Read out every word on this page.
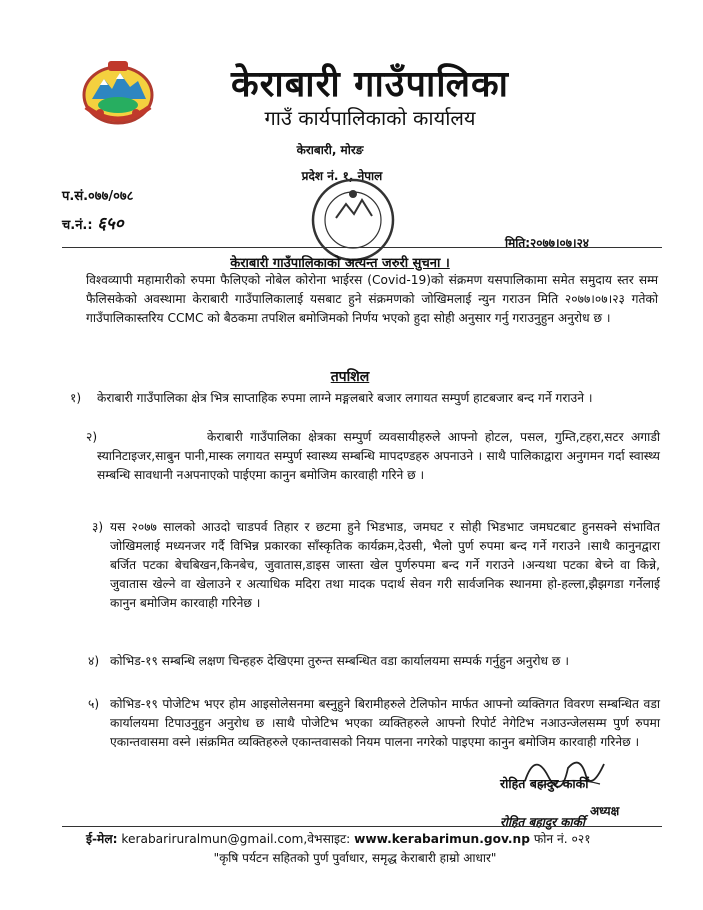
केराबारी गाउँपालिका
गाउँ कार्यपालिकाको कार्यालय
केराबारी, मोरङ
प्रदेश नं. १, नेपाल
प.सं.०७७/०७८
च.नं.: ६५०
मिति:२०७७।०७।२४
केराबारी गाउँपालिकाको अत्यन्त जरुरी सुचना ।
विश्वव्यापी महामारीको रुपमा फैलिएको नोबेल कोरोना भाईरस (Covid-19)को संक्रमण यसपालिकामा समेत समुदाय स्तर सम्म फैलिसकेको अवस्थामा केराबारी गाउँपालिकालाई यसबाट हुने संक्रमणको जोखिमलाई न्युन गराउन मिति २०७७।०७।२३ गतेको गाउँपालिकास्तरिय CCMC को बैठकमा तपशिल बमोजिमको निर्णय भएको हुदा सोही अनुसार गर्नु गराउनुहुन अनुरोध छ ।
तपशिल
१) केराबारी गाउँपालिका क्षेत्र भित्र साप्ताहिक रुपमा लाग्ने मङ्गलबारे बजार लगायत सम्पुर्ण हाटबजार बन्द गर्ने गराउने ।
२)	केराबारी गाउँपालिका क्षेत्रका सम्पुर्ण व्यवसायीहरुले आफ्नो होटल, पसल, गुम्ति,टहरा,सटर अगाडी स्यानिटाइजर,साबुन पानी,मास्क लगायत सम्पुर्ण स्वास्थ्य सम्बन्धि मापदण्डहरु अपनाउने । साथै पालिकाद्वारा अनुगमन गर्दा स्वास्थ्य सम्बन्धि सावधानी नअपनाएको पाईएमा कानुन बमोजिम कारवाही गरिने छ ।
३) यस २०७७ सालको आउदो चाडपर्व तिहार र छटमा हुने भिडभाड, जमघट र सोही भिडभाट जमघटबाट हुनसक्ने संभावित जोखिमलाई मध्यनजर गर्दै विभिन्न प्रकारका साँस्कृतिक कार्यक्रम,देउसी, भैलो पुर्ण रुपमा बन्द गर्ने गराउने ।साथै कानुनद्वारा बर्जित पटका बेचबिखन,किनबेच, जुवातास,डाइस जास्ता खेल पुर्णरुपमा बन्द गर्ने गराउने ।अन्यथा पटका बेच्ने वा किन्ने, जुवातास खेल्ने वा खेलाउने र अत्याधिक मदिरा तथा मादक पदार्थ सेवन गरी सार्वजनिक स्थानमा हो-हल्ला,झैझगडा गर्नेलाई कानुन बमोजिम कारवाही गरिनेछ ।
४) कोभिड-१९ सम्बन्धि लक्षण चिन्हहरु देखिएमा तुरुन्त सम्बन्धित वडा कार्यालयमा सम्पर्क गर्नुहुन अनुरोध छ ।
५) कोभिड-१९ पोजेटिभ भएर होम आइसोलेसनमा बस्नुहुने बिरामीहरुले टेलिफोन मार्फत आफ्नो व्यक्तिगत विवरण सम्बन्धित वडा कार्यालयमा टिपाउनुहुन अनुरोध छ ।साथै पोजेटिभ भएका व्यक्तिहरुले आफ्नो रिपोर्ट नेगेटिभ नआउन्जेलसम्म पुर्ण रुपमा एकान्तवासमा वस्ने ।संक्रमित व्यक्तिहरुले एकान्तवासको नियम पालना नगरेको पाइएमा कानुन बमोजिम कारवाही गरिनेछ ।
रोहित बहादुर कार्की
अध्यक्ष
रोहित बहादुर कार्की
ई-मेल: kerabariruralmun@gmail.com,वेभसाइट: www.kerabarimun.gov.np फोन नं. ०२१
"कृषि पर्यटन सहितको पुर्ण पुर्वाधार, समृद्ध केराबारी हाम्रो आधार"
